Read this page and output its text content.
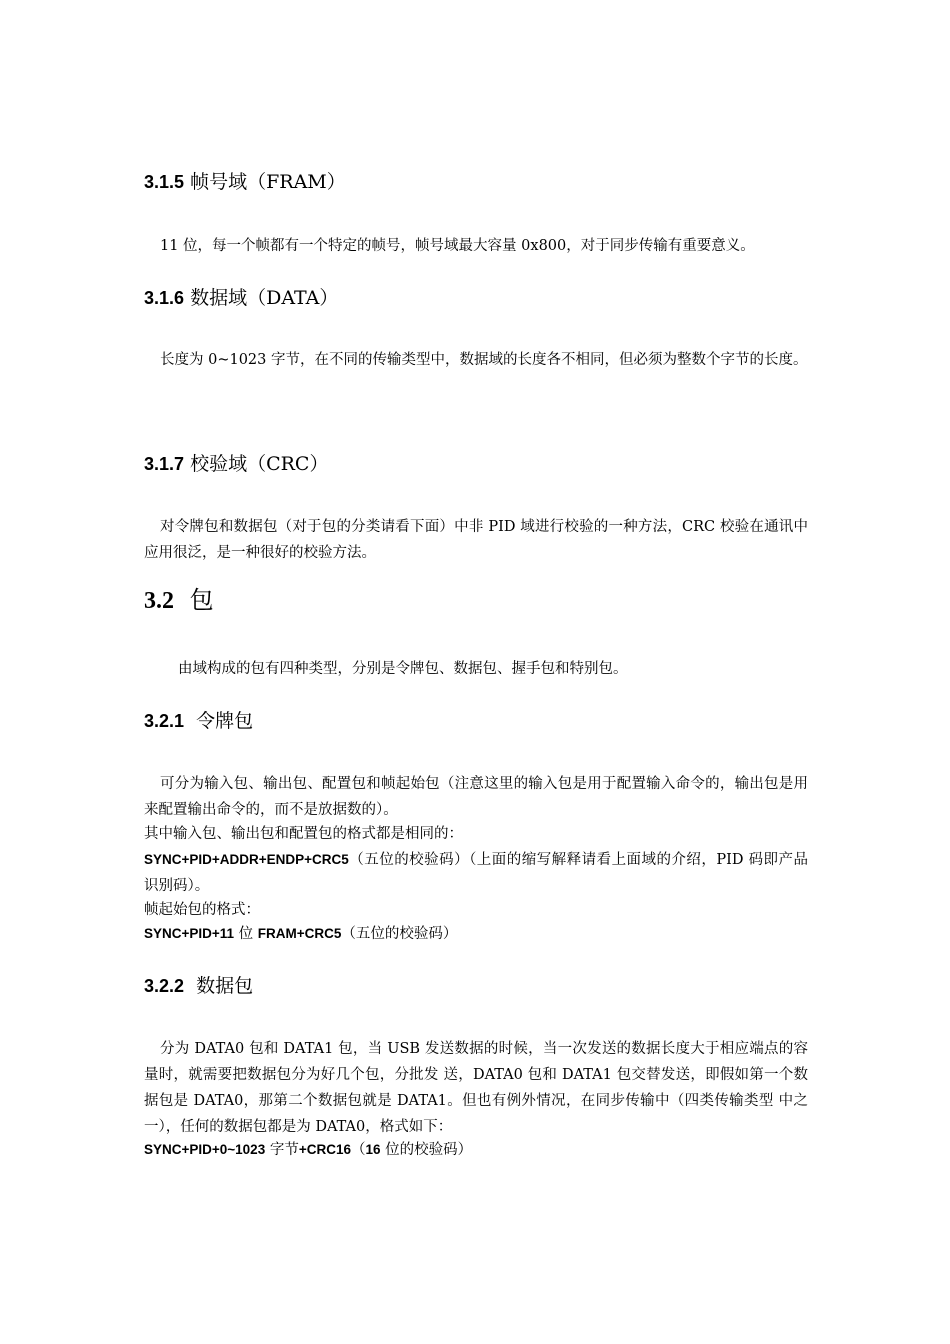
3.1.5 帧号域（FRAM）
11 位，每一个帧都有一个特定的帧号，帧号域最大容量 0x800，对于同步传输有重要意义。
3.1.6 数据域（DATA）
长度为 0~1023 字节，在不同的传输类型中，数据域的长度各不相同，但必须为整数个字节的长度。
3.1.7 校验域（CRC）
对令牌包和数据包（对于包的分类请看下面）中非 PID 域进行校验的一种方法，CRC 校验在通讯中应用很泛，是一种很好的校验方法。
3.2 包
由域构成的包有四种类型，分别是令牌包、数据包、握手包和特别包。
3.2.1 令牌包
可分为输入包、输出包、配置包和帧起始包（注意这里的输入包是用于配置输入命令的，输出包是用来配置输出命令的，而不是放据数的）。
其中输入包、输出包和配置包的格式都是相同的：
SYNC+PID+ADDR+ENDP+CRC5（五位的校验码）（上面的缩写解释请看上面域的介绍，PID 码即产品识别码）。
帧起始包的格式：
SYNC+PID+11 位 FRAM+CRC5（五位的校验码）
3.2.2 数据包
分为 DATA0 包和 DATA1 包，当 USB 发送数据的时候，当一次发送的数据长度大于相应端点的容量时，就需要把数据包分为好几个包，分批发 送，DATA0 包和 DATA1 包交替发送，即假如第一个数据包是 DATA0，那第二个数据包就是 DATA1。但也有例外情况，在同步传输中（四类传输类型 中之一），任何的数据包都是为 DATA0，格式如下：
SYNC+PID+0~1023 字节+CRC16（16 位的校验码）
